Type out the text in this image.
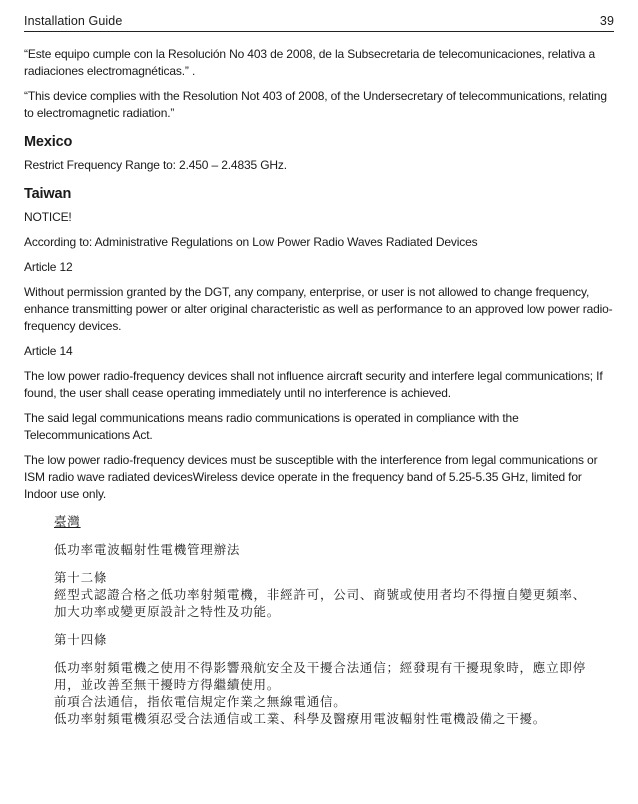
Installation Guide	39

“Este equipo cumple con la Resolución No 403 de 2008, de la Subsecretaria de telecomunicaciones, relativa a radiaciones electromagnéticas.” .

“This device complies with the Resolution Not 403 of 2008, of the Undersecretary of telecommunications, relating to electromagnetic radiation.”

Mexico

Restrict Frequency Range to: 2.450 – 2.4835 GHz.

Taiwan

NOTICE!

According to: Administrative Regulations on Low Power Radio Waves Radiated Devices

Article 12

Without permission granted by the DGT, any company, enterprise, or user is not allowed to change frequency, enhance transmitting power or alter original characteristic as well as performance to an approved low power radio-frequency devices.

Article 14

The low power radio-frequency devices shall not influence aircraft security and interfere legal communications; If found, the user shall cease operating immediately until no interference is achieved.

The said legal communications means radio communications is operated in compliance with the Telecommunications Act.

The low power radio-frequency devices must be susceptible with the interference from legal communications or ISM radio wave radiated devicesWireless device operate in the frequency band of 5.25-5.35 GHz, limited for Indoor use only.

臺灣

低功率電波輻射性電機管理辦法

第十二條
經型式認證合格之低功率射頻電機，非經許可，公司、商號或使用者均不得擅自變更頻率、加大功率或變更原設計之特性及功能。

第十四條

低功率射頻電機之使用不得影響飛航安全及干擾合法通信；經發現有干擾現象時，應立即停用，並改善至無干擾時方得繼續使用。
前項合法通信，指依電信規定作業之無線電通信。
低功率射頻電機須忍受合法通信或工業、科學及醫療用電波輻射性電機設備之干擾。
